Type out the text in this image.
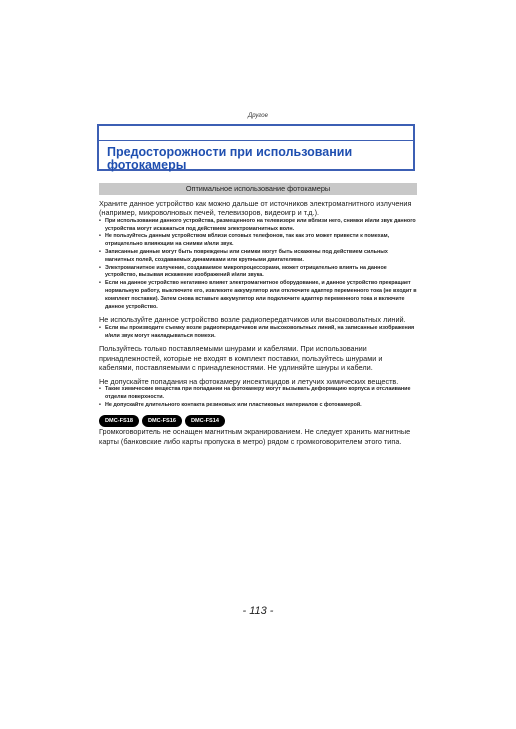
Другое
Предосторожности при использовании фотокамеры
Оптимальное использование фотокамеры

Храните данное устройство как можно дальше от источников электромагнитного излучения (например, микроволновых печей, телевизоров, видеоигр и т.д.).

• При использовании данного устройства, размещенного на телевизоре или вблизи него, снимки и/или звук данного устройства могут искажаться под действием электромагнитных волн.
• Не пользуйтесь данным устройством вблизи сотовых телефонов, так как это может привести к помехам, отрицательно влияющим на снимки и/или звук.
• Записанные данные могут быть повреждены или снимки могут быть искажены под действием сильных магнитных полей, создаваемых динамиками или крупными двигателями.
• Электромагнитное излучение, создаваемое микропроцессорами, может отрицательно влиять на данное устройство, вызывая искажение изображений и/или звука.
• Если на данное устройство негативно влияет электромагнитное оборудование, и данное устройство прекращает нормальную работу, выключите его, извлеките аккумулятор или отключите адаптер переменного тока (не входит в комплект поставки). Затем снова вставьте аккумулятор или подключите адаптер переменного тока и включите данное устройство.

Не используйте данное устройство возле радиопередатчиков или высоковольтных линий.

• Если вы производите съемку возле радиопередатчиков или высоковольтных линий, на записанные изображения и/или звук могут накладываться помехи.

Пользуйтесь только поставляемыми шнурами и кабелями. При использовании принадлежностей, которые не входят в комплект поставки, пользуйтесь шнурами и кабелями, поставляемыми с принадлежностями. Не удлиняйте шнуры и кабели.

Не допускайте попадания на фотокамеру инсектицидов и летучих химических веществ.

• Такие химические вещества при попадании на фотокамеру могут вызывать деформацию корпуса и отслаивание отделки поверхности.
• Не допускайте длительного контакта резиновых или пластиковых материалов с фотокамерой.
DMC-FS18	DMC-FS16	DMC-FS14

Громкоговоритель не оснащен магнитным экранированием. Не следует хранить магнитные карты (банковские либо карты пропуска в метро) рядом с громкоговорителем этого типа.

- 113 -
